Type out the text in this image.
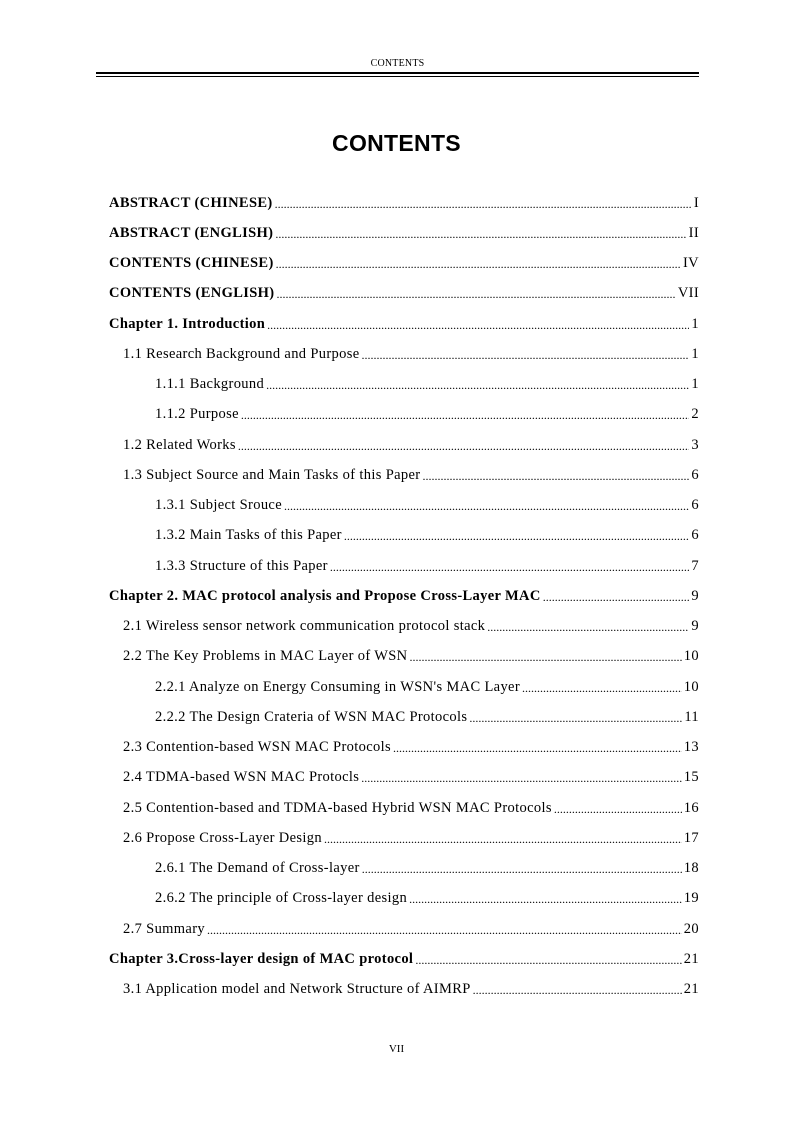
CONTENTS
CONTENTS
ABSTRACT (CHINESE) .....	I
ABSTRACT (ENGLISH) .....	II
CONTENTS (CHINESE) .....	IV
CONTENTS (ENGLISH) .....	VII
Chapter 1. Introduction .....	1
1.1 Research Background and Purpose .....	1
1.1.1 Background .....	1
1.1.2 Purpose .....	2
1.2 Related Works .....	3
1.3 Subject Source and Main Tasks of this Paper .....	6
1.3.1 Subject Srouce .....	6
1.3.2 Main Tasks of this Paper .....	6
1.3.3 Structure of this Paper .....	7
Chapter 2. MAC protocol analysis and Propose Cross-Layer MAC .....	9
2.1 Wireless sensor network communication protocol stack .....	9
2.2 The Key Problems in MAC Layer of WSN .....	10
2.2.1 Analyze on Energy Consuming in WSN's MAC Layer .....	10
2.2.2 The Design Crateria of WSN MAC Protocols .....	11
2.3 Contention-based WSN MAC Protocols .....	13
2.4 TDMA-based WSN MAC Protocls .....	15
2.5 Contention-based and TDMA-based Hybrid WSN MAC Protocols .....	16
2.6 Propose Cross-Layer Design .....	17
2.6.1 The Demand of Cross-layer .....	18
2.6.2 The principle of Cross-layer design .....	19
2.7 Summary .....	20
Chapter 3.Cross-layer design of MAC protocol .....	21
3.1 Application model and Network Structure of AIMRP .....	21
VII
